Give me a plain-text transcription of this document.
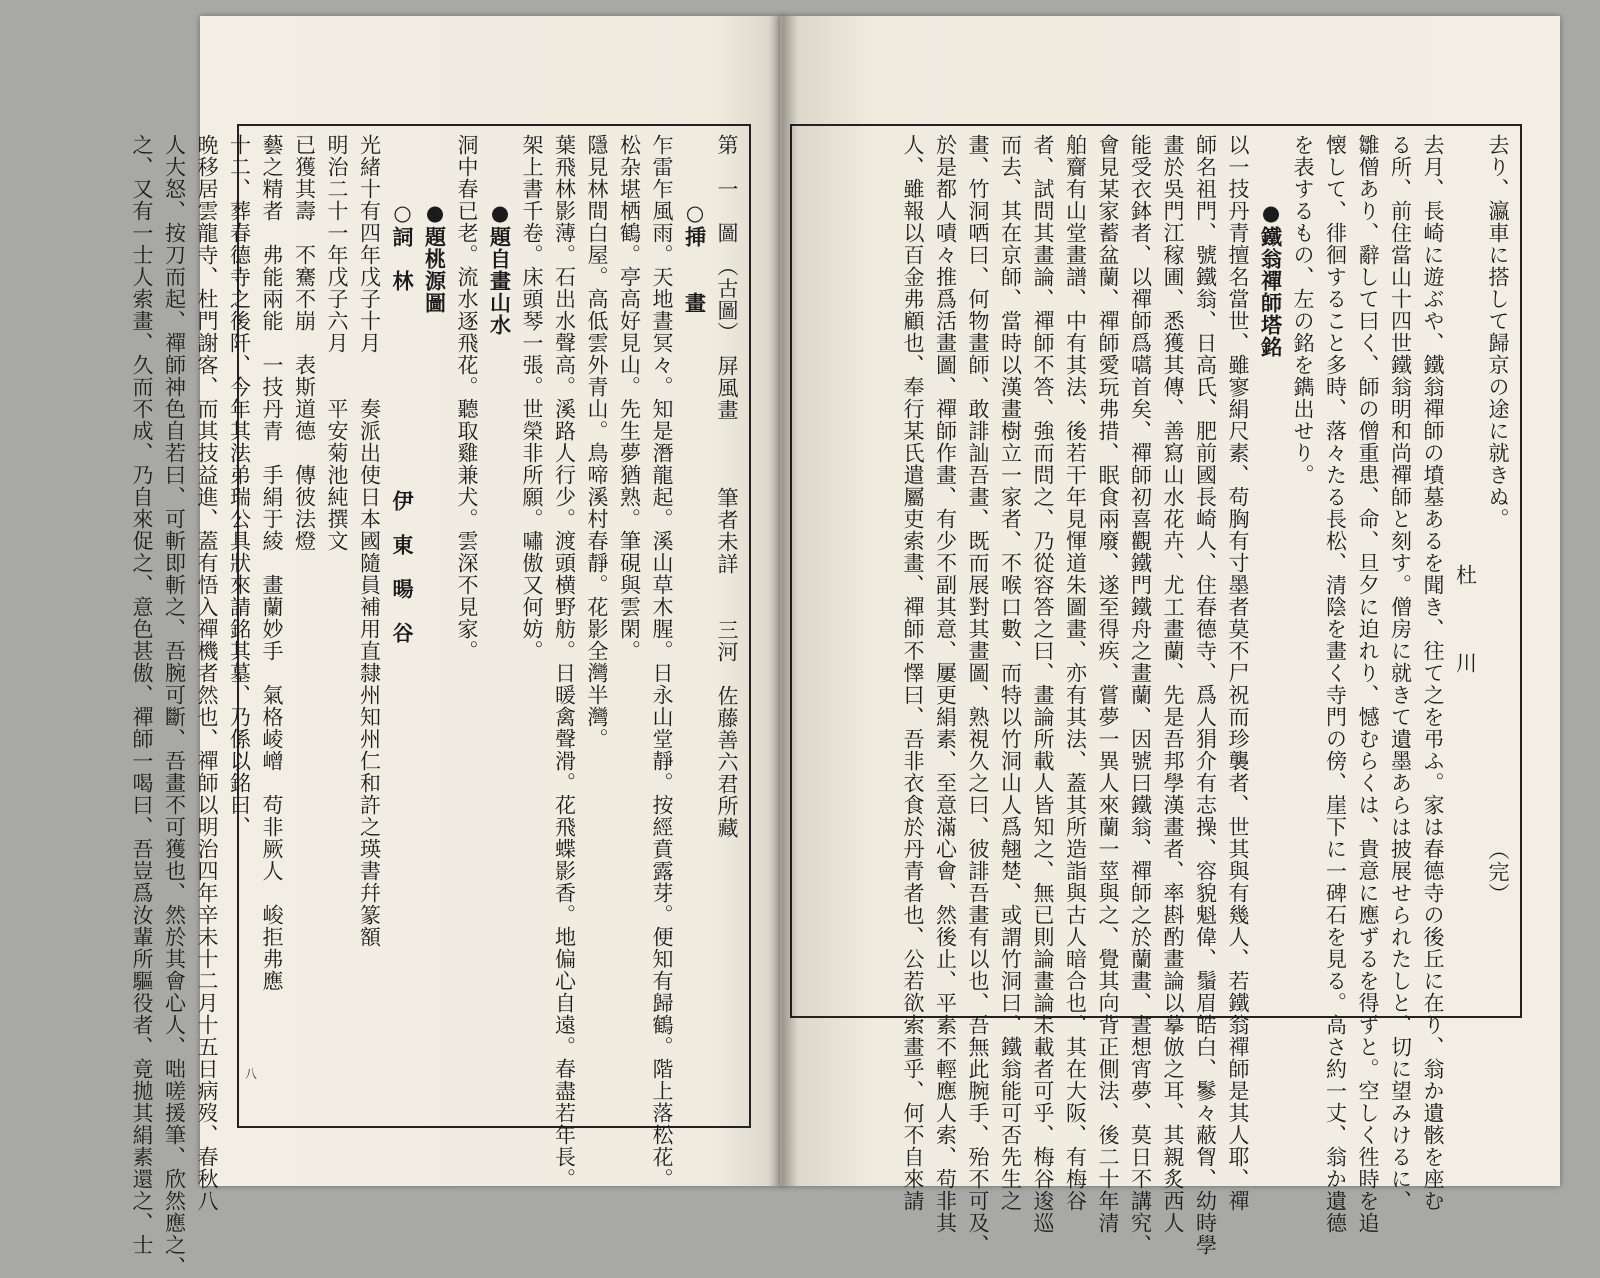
第　一　圖　（古圖）　屏風畫　　　筆者未詳　　三河　佐藤善六君所藏
　　　○挿　　畫
乍雷乍風雨。天地晝冥々。知是潛龍起。溪山草木腥。日永山堂靜。按經賁露芽。便知有歸鶴。階上落松花。
松杂堪栖鶴。亭高好見山。先生夢猶熟。筆硯與雲閑。
隱見林間白屋。高低雲外青山。鳥啼溪村春靜。花影全灣半灣。
葉飛林影薄。石出水聲高。溪路人行少。渡頭横野舫。日暖禽聲滑。花飛蝶影香。地偏心自遠。春盡若年長。
架上書千卷。床頭琴一張。世榮非所願。嘯傲又何妨。
　　　●題自畫山水
洞中春已老。流水逐飛花。聽取雞兼犬。雲深不見家。
　　　●題桃源圖
　　　○詞　林　　　　　　　　　伊　東　暘　谷
光緒十有四年戊子十月　　奏派出使日本國隨員補用直隸州知州仁和許之瑛書幷篆額
明治二十一年戊子六月　　平安菊池純撰文
已獲其壽　不騫不崩　表斯道德　傳彼法燈
藝之精者　弗能兩能　一技丹青　手絹于綾　畫蘭妙手　氣格崚嶒　苟非厥人　峻拒弗應
十二、葬春德寺之後阡、今年其法弟瑞公具狀來請銘其墓、乃係以銘曰、
晩移居雲龍寺、杜門謝客、而其技益進、蓋有悟入禪機者然也、禪師以明治四年辛未十二月十五日病歿、春秋八
人大怒、按刀而起、禪師神色自若曰、可斬即斬之、吾腕可斷、吾畫不可獲也、然於其會心人、咄嗟援筆、欣然應之、
之、又有一士人索畫、久而不成、乃自來促之、意色甚傲、禪師一喝曰、吾豈爲汝輩所驅役者、竟拋其絹素還之、士	八
去り、瀛車に搭して歸京の途に就きぬ。　　　　　　　　　　　　　　　（完）
杜　　　川
去月、長崎に遊ぶや、鐵翁禪師の墳墓あるを聞き、往て之を弔ふ。家は春德寺の後丘に在り、翁か遺骸を座む
る所、前住當山十四世鐵翁明和尚禪師と刻す。僧房に就きて遺墨あらは披展せられたしと、切に望みけるに、
雛僧あり、辭して曰く、師の僧重患、命、旦夕に迫れり、憾むらくは、貴意に應ずるを得ずと。空しく徃時を追
懐して、徘徊すること多時、落々たる長松、清陰を畫く寺門の傍、崖下に一碑石を見る。高さ約一丈、翁か遺德
を表するもの、左の銘を鐫出せり。
　　　●鐵翁禪師塔銘
以一技丹青擅名當世、雖寥絹尺素、苟胸有寸墨者莫不尸祝而珍襲者、世其與有幾人、若鐵翁禪師是其人耶、禪
師名祖門、號鐵翁、日高氏、肥前國長崎人、住春德寺、爲人狷介有志操、容貌魁偉、鬚眉皓白、鬖々蔽胷、幼時學
畫於吳門江稼圃、悉獲其傳、善寫山水花卉、尤工畫蘭、先是吾邦學漢畫者、率斟酌畫論以摹倣之耳、其親炙西人
能受衣鉢者、以禪師爲嚆首矣、禪師初喜觀鐵門鐵舟之畫蘭、因號曰鐵翁、禪師之於蘭畫、晝想宵夢、莫日不講究、
會見某家蓄盆蘭、禪師愛玩弗措、眠食兩廢、遂至得疾、嘗夢一異人來蘭一莖與之、覺其向背正側法、後二十年清
舶齎有山堂畫譜、中有其法、後若干年見惲道朱圖畫、亦有其法、蓋其所造詣與古人暗合也、其在大阪、有梅谷
者、試問其畫論、禪師不答、強而問之、乃從容答之曰、畫論所載人皆知之、無已則論畫論未載者可乎、梅谷逡巡
而去、其在京師、當時以漢畫樹立一家者、不喉口數、而特以竹洞山人爲翹楚、或謂竹洞曰、鐵翁能可否先生之
畫、竹洞哂曰、何物畫師、敢誹訕吾畫、既而展對其畫圖、熟視久之曰、彼誹吾畫有以也、吾無此腕手、殆不可及、
於是都人嘖々推爲活畫圖、禪師作畫、有少不副其意、屢更絹素、至意滿心會、然後止、平素不輕應人索、苟非其
人、雖報以百金弗顧也、奉行某氏遣屬吏索畫、禪師不懌曰、吾非衣食於丹青者也、公若欲索畫乎、何不自來請
